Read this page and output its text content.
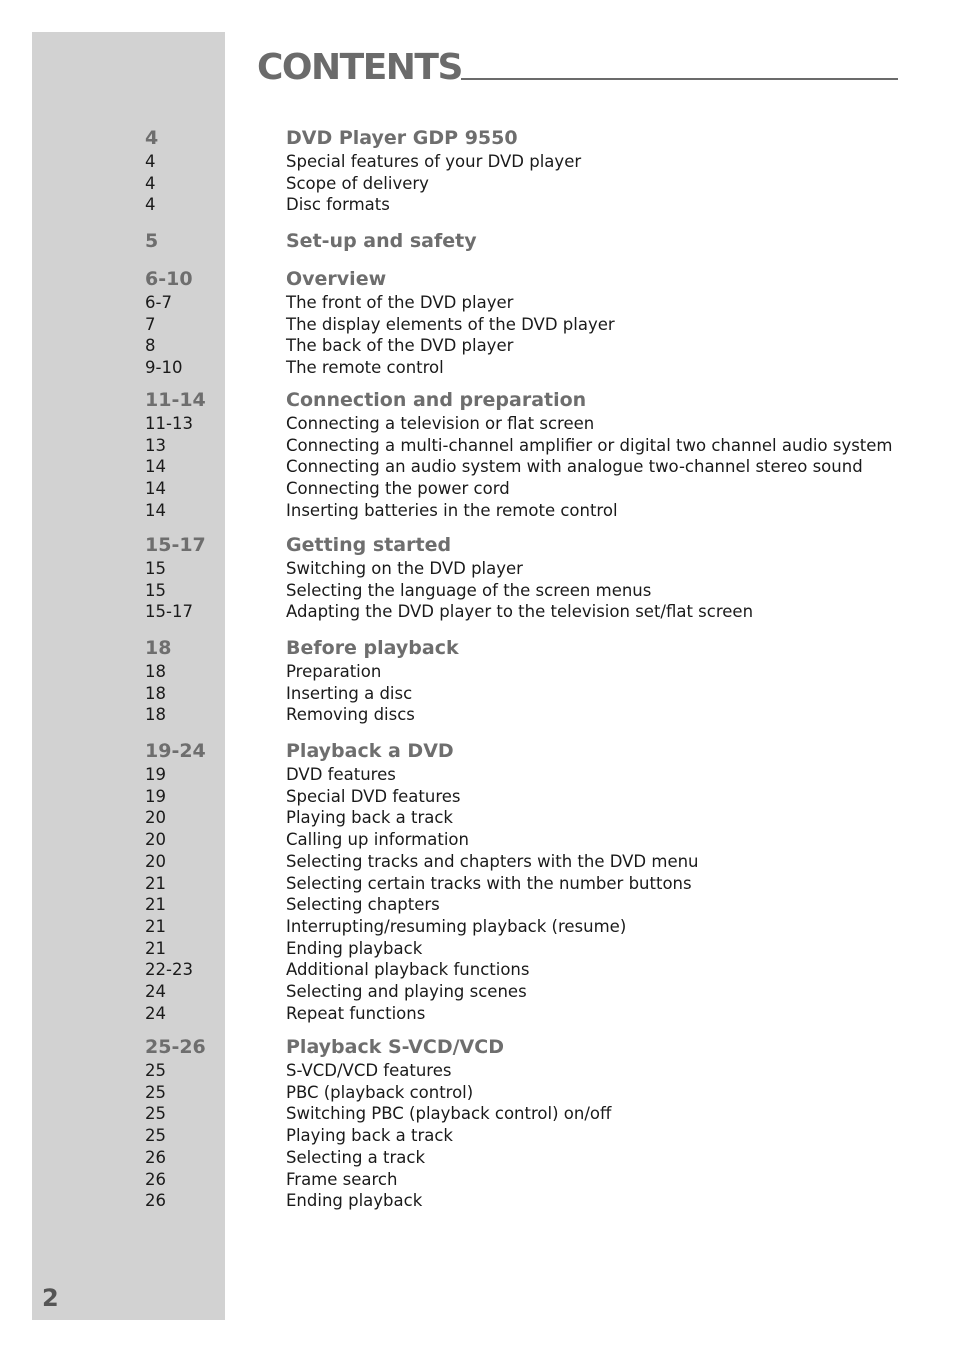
CONTENTS
4	DVD Player GDP 9550
4	Special features of your DVD player
4	Scope of delivery
4	Disc formats
5	Set-up and safety
6-10	Overview
6-7	The front of the DVD player
7	The display elements of the DVD player
8	The back of the DVD player
9-10	The remote control
11-14	Connection and preparation
11-13	Connecting a television or flat screen
13	Connecting a multi-channel amplifier or digital two channel audio system
14	Connecting an audio system with analogue two-channel stereo sound
14	Connecting the power cord
14	Inserting batteries in the remote control
15-17	Getting started
15	Switching on the DVD player
15	Selecting the language of the screen menus
15-17	Adapting the DVD player to the television set/flat screen
18	Before playback
18	Preparation
18	Inserting a disc
18	Removing discs
19-24	Playback a DVD
19	DVD features
19	Special DVD features
20	Playing back a track
20	Calling up information
20	Selecting tracks and chapters with the DVD menu
21	Selecting certain tracks with the number buttons
21	Selecting chapters
21	Interrupting/resuming playback (resume)
21	Ending playback
22-23	Additional playback functions
24	Selecting and playing scenes
24	Repeat functions
25-26	Playback S-VCD/VCD
25	S-VCD/VCD features
25	PBC (playback control)
25	Switching PBC (playback control) on/off
25	Playing back a track
26	Selecting a track
26	Frame search
26	Ending playback
2
